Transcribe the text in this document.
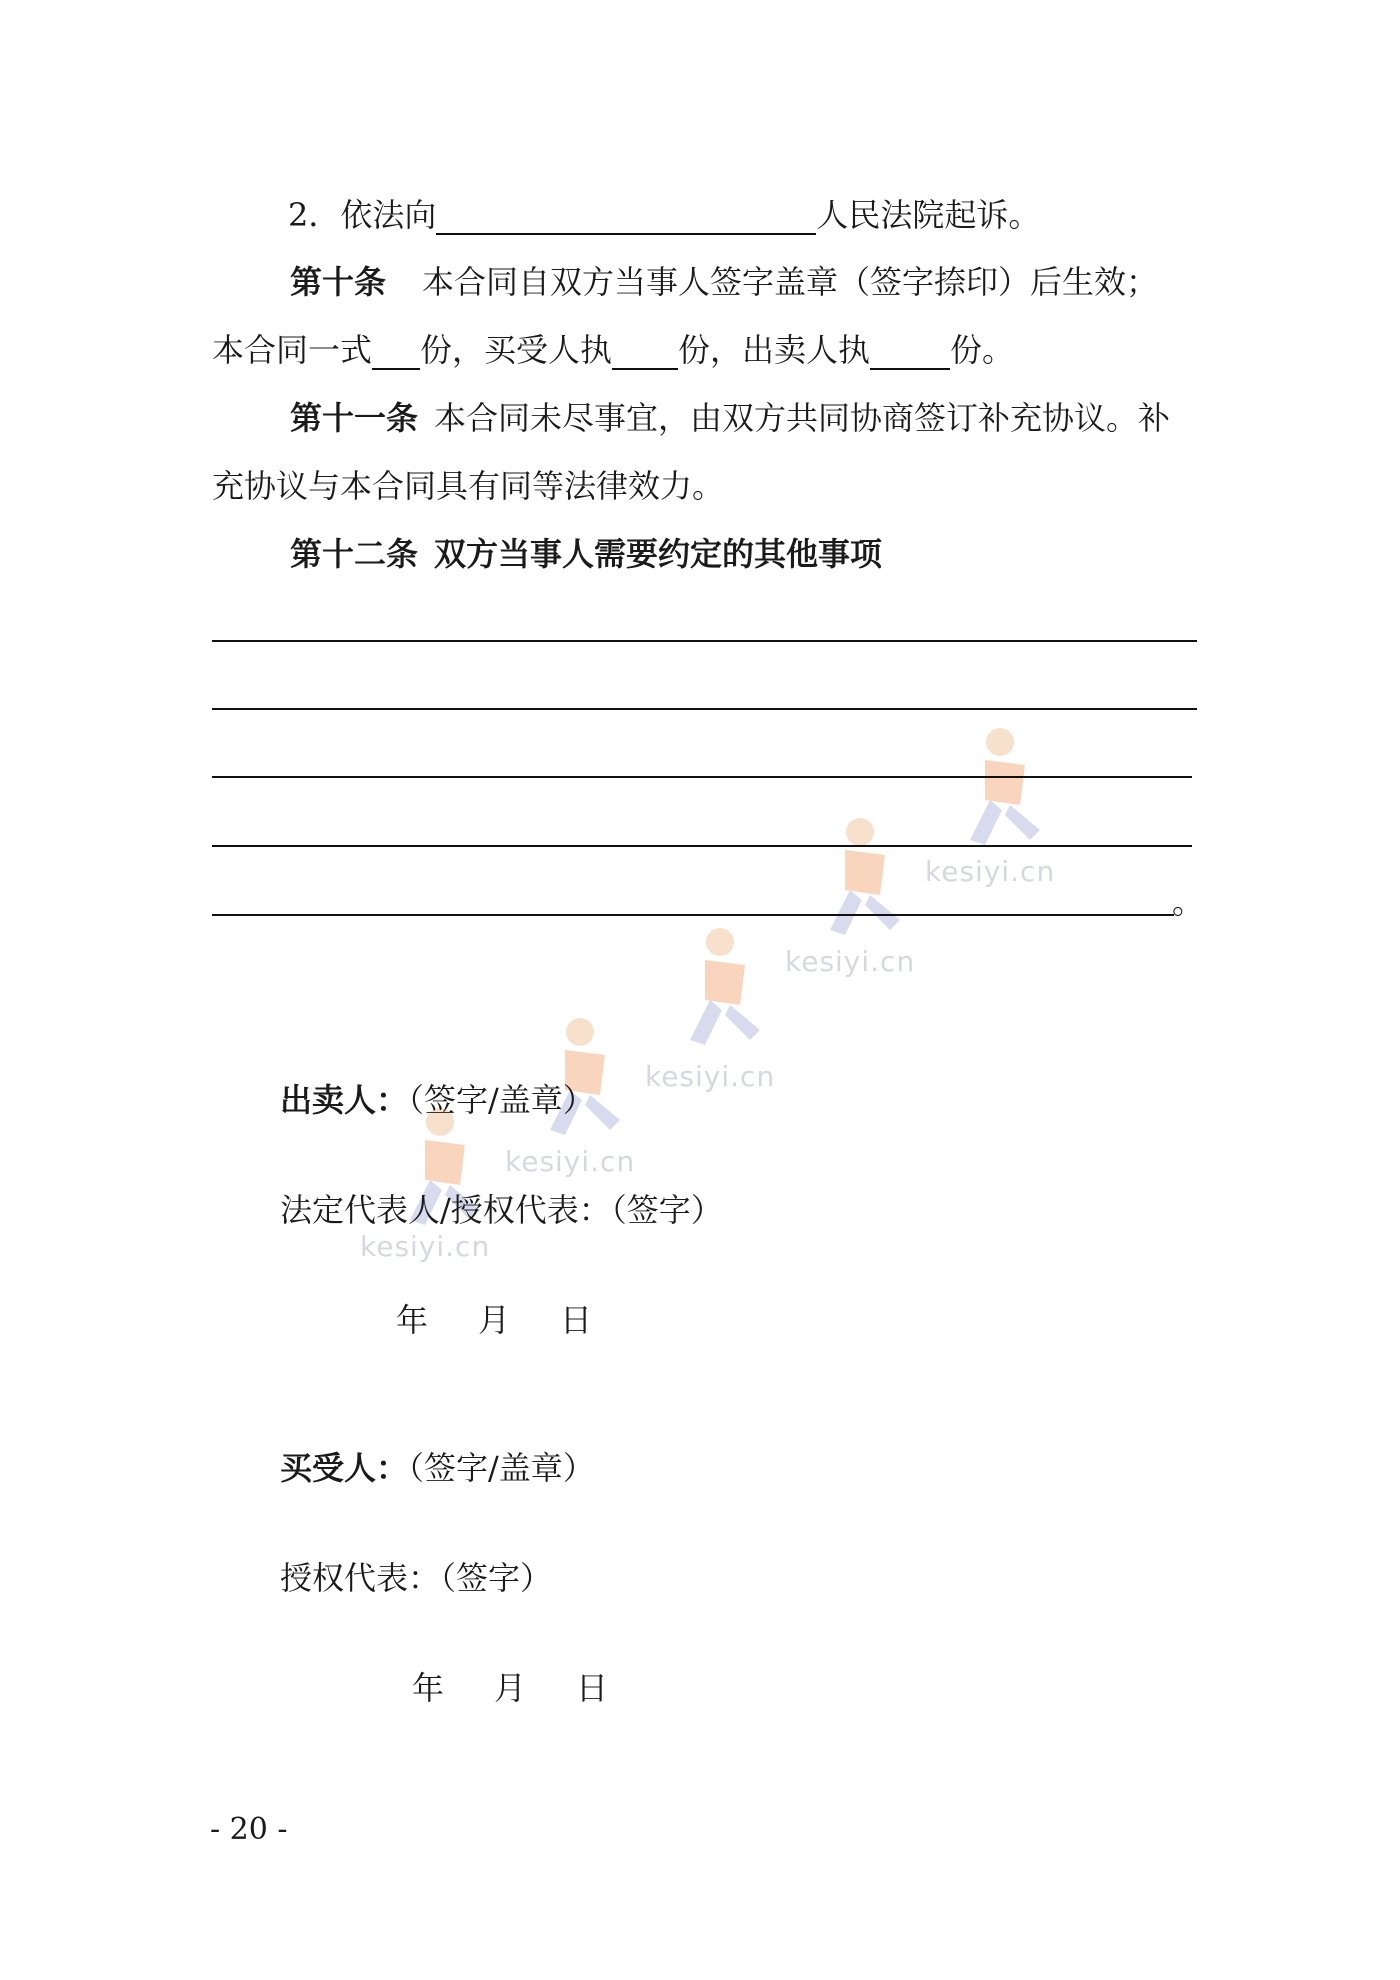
kesiyi.cn
kesiyi.cn
kesiyi.cn
kesiyi.cn
kesiyi.cn
2．依法向	人民法院起诉。
第十条 本合同自双方当事人签字盖章（签字捺印）后生效；
本合同一式 份，买受人执 份，出卖人执	份。
第十一条 本合同未尽事宜，由双方共同协商签订补充协议。补
充协议与本合同具有同等法律效力。
第十二条 双方当事人需要约定的其他事项
。
出卖人：（签字/盖章）
法定代表人/授权代表：（签字）
年 月 日
买受人：（签字/盖章）
授权代表：（签字）
年 月 日
- 20 -
